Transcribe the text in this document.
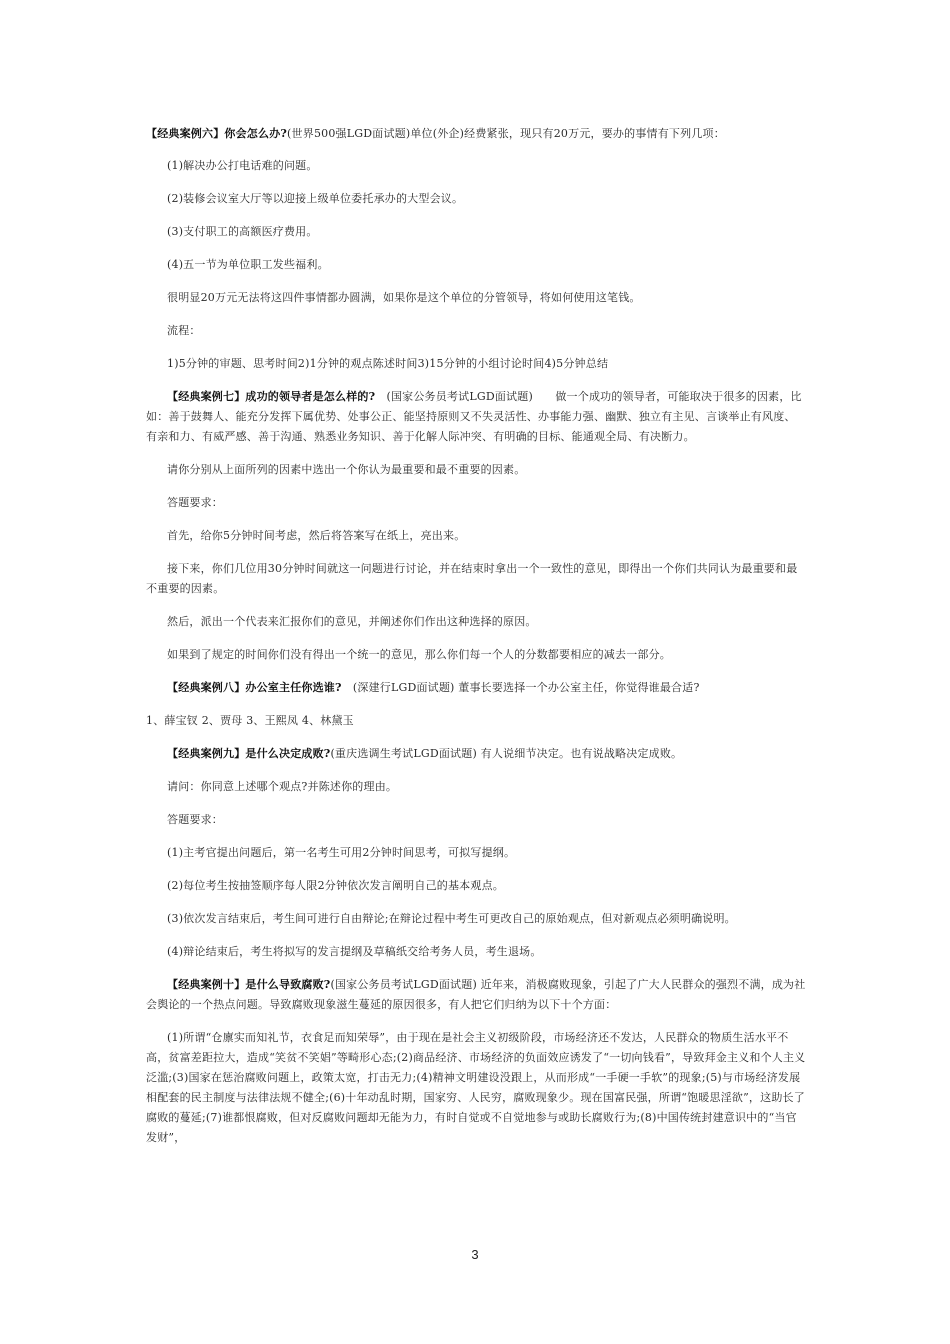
【经典案例六】你会怎么办?(世界500强LGD面试题)单位(外企)经费紧张，现只有20万元，要办的事情有下列几项：

(1)解决办公打电话难的问题。

(2)装修会议室大厅等以迎接上级单位委托承办的大型会议。

(3)支付职工的高额医疗费用。

(4)五一节为单位职工发些福利。

很明显20万元无法将这四件事情都办圆满，如果你是这个单位的分管领导，将如何使用这笔钱。

流程：

1)5分钟的审题、思考时间2)1分钟的观点陈述时间3)15分钟的小组讨论时间4)5分钟总结

【经典案例七】成功的领导者是怎么样的?　(国家公务员考试LGD面试题)　　做一个成功的领导者，可能取决于很多的因素，比如：善于鼓舞人、能充分发挥下属优势、处事公正、能坚持原则又不失灵活性、办事能力强、幽默、独立有主见、言谈举止有风度、有亲和力、有威严感、善于沟通、熟悉业务知识、善于化解人际冲突、有明确的目标、能通观全局、有决断力。

请你分别从上面所列的因素中选出一个你认为最重要和最不重要的因素。

答题要求：

首先，给你5分钟时间考虑，然后将答案写在纸上，亮出来。

接下来，你们几位用30分钟时间就这一问题进行讨论，并在结束时拿出一个一致性的意见，即得出一个你们共同认为最重要和最不重要的因素。

然后，派出一个代表来汇报你们的意见，并阐述你们作出这种选择的原因。

如果到了规定的时间你们没有得出一个统一的意见，那么你们每一个人的分数都要相应的减去一部分。

【经典案例八】办公室主任你选谁?　(深建行LGD面试题) 董事长要选择一个办公室主任，你觉得谁最合适?

1、薛宝钗 2、贾母 3、王熙凤 4、林黛玉

【经典案例九】是什么决定成败?(重庆选调生考试LGD面试题) 有人说细节决定。也有说战略决定成败。

请问：你同意上述哪个观点?并陈述你的理由。

答题要求：

(1)主考官提出问题后，第一名考生可用2分钟时间思考，可拟写提纲。

(2)每位考生按抽签顺序每人限2分钟依次发言阐明自己的基本观点。

(3)依次发言结束后，考生间可进行自由辩论;在辩论过程中考生可更改自己的原始观点，但对新观点必须明确说明。

(4)辩论结束后，考生将拟写的发言提纲及草稿纸交给考务人员，考生退场。

【经典案例十】是什么导致腐败?(国家公务员考试LGD面试题) 近年来，消极腐败现象，引起了广大人民群众的强烈不满，成为社会舆论的一个热点问题。导致腐败现象滋生蔓延的原因很多，有人把它们归纳为以下十个方面：

(1)所谓“仓廪实而知礼节，衣食足而知荣辱”，由于现在是社会主义初级阶段，市场经济还不发达，人民群众的物质生活水平不高，贫富差距拉大，造成“笑贫不笑娼”等畸形心态;(2)商品经济、市场经济的负面效应诱发了“一切向钱看”，导致拜金主义和个人主义泛滥;(3)国家在惩治腐败问题上，政策太宽，打击无力;(4)精神文明建设没跟上，从而形成“一手硬一手软”的现象;(5)与市场经济发展相配套的民主制度与法律法规不健全;(6)十年动乱时期，国家穷、人民穷，腐败现象少。现在国富民强，所谓“饱暖思淫欲”，这助长了腐败的蔓延;(7)谁都恨腐败，但对反腐败问题却无能为力，有时自觉或不自觉地参与或助长腐败行为;(8)中国传统封建意识中的“当官发财”，

3
